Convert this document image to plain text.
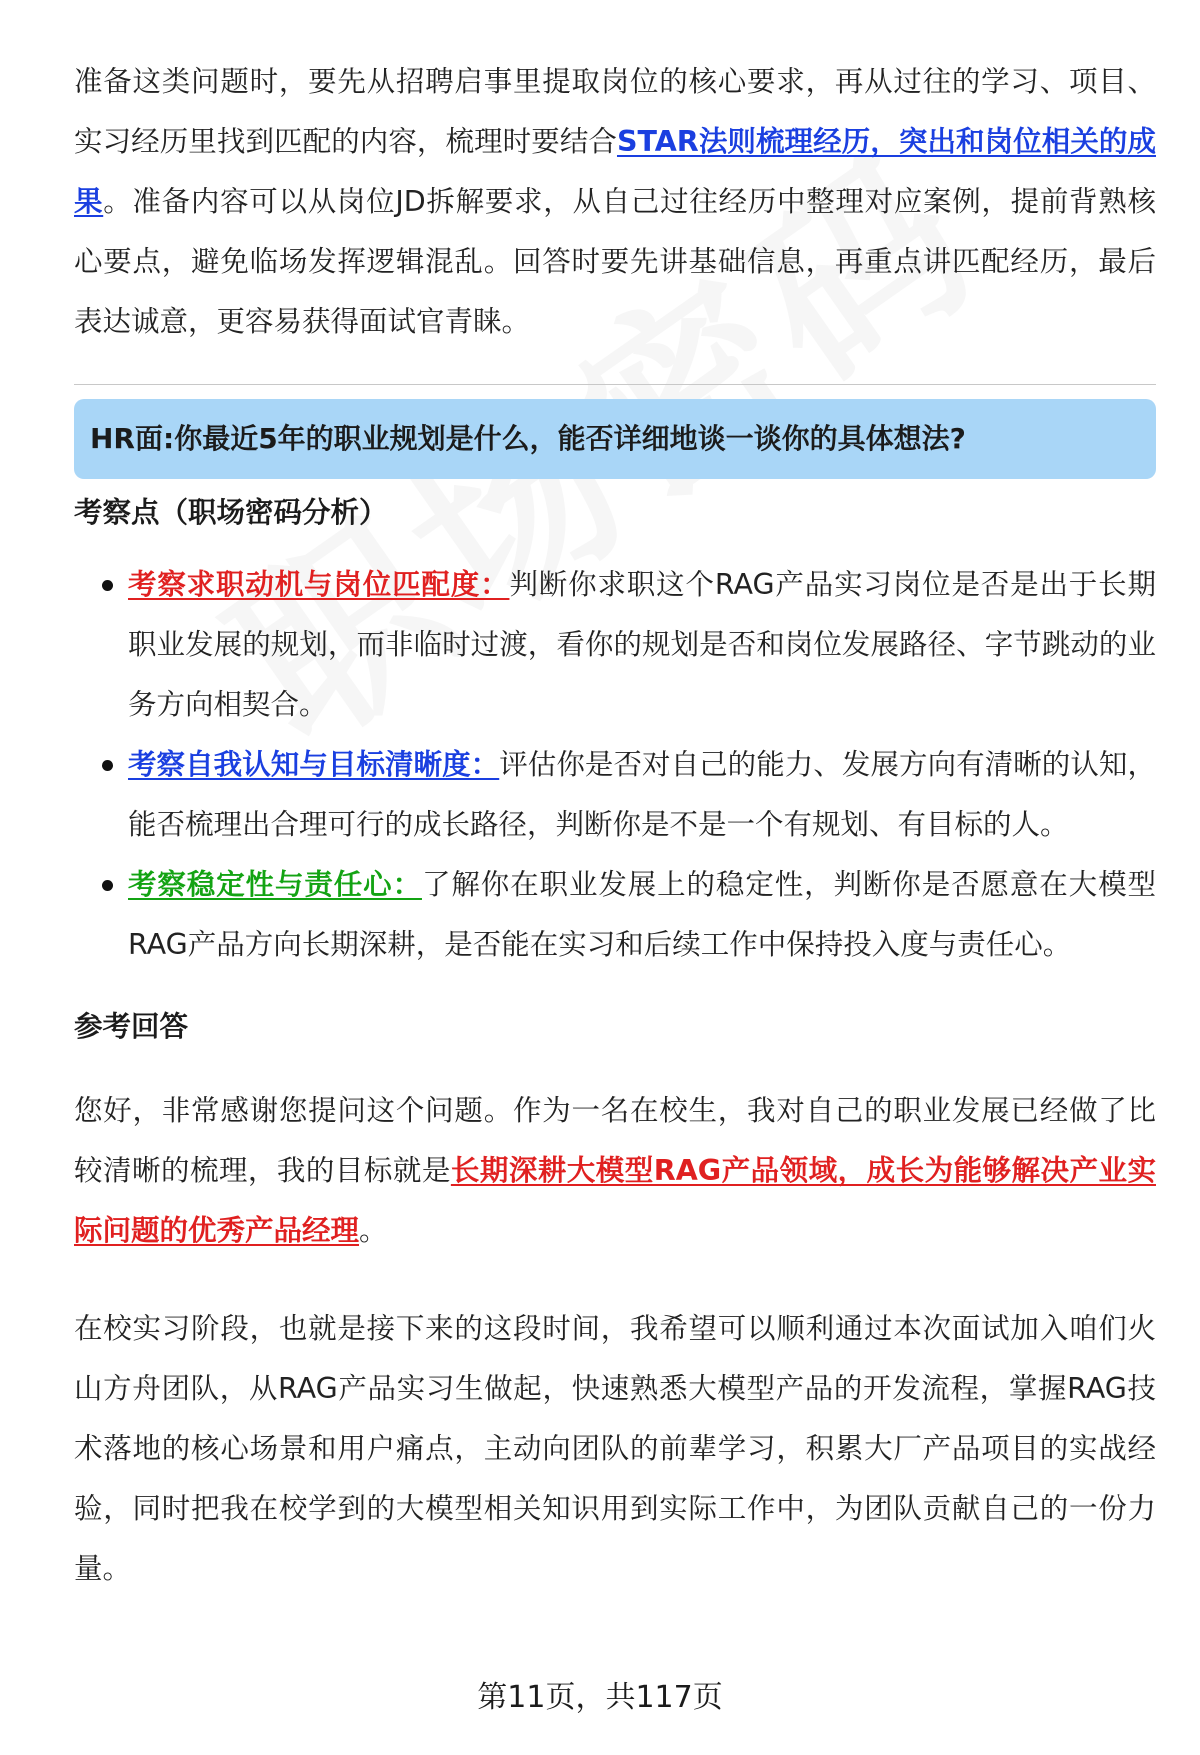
准备这类问题时，要先从招聘启事里提取岗位的核心要求，再从过往的学习、项目、实习经历里找到匹配的内容，梳理时要结合STAR法则梳理经历，突出和岗位相关的成果。准备内容可以从岗位JD拆解要求，从自己过往经历中整理对应案例，提前背熟核心要点，避免临场发挥逻辑混乱。回答时要先讲基础信息，再重点讲匹配经历，最后表达诚意，更容易获得面试官青睐。

HR面:你最近5年的职业规划是什么，能否详细地谈一谈你的具体想法?
考察点（职场密码分析）
考察求职动机与岗位匹配度：判断你求职这个RAG产品实习岗位是否是出于长期职业发展的规划，而非临时过渡，看你的规划是否和岗位发展路径、字节跳动的业务方向相契合。
考察自我认知与目标清晰度：评估你是否对自己的能力、发展方向有清晰的认知，能否梳理出合理可行的成长路径，判断你是不是一个有规划、有目标的人。
考察稳定性与责任心：了解你在职业发展上的稳定性，判断你是否愿意在大模型RAG产品方向长期深耕，是否能在实习和后续工作中保持投入度与责任心。
参考回答

您好，非常感谢您提问这个问题。作为一名在校生，我对自己的职业发展已经做了比较清晰的梳理，我的目标就是长期深耕大模型RAG产品领域，成长为能够解决产业实际问题的优秀产品经理。

在校实习阶段，也就是接下来的这段时间，我希望可以顺利通过本次面试加入咱们火山方舟团队，从RAG产品实习生做起，快速熟悉大模型产品的开发流程，掌握RAG技术落地的核心场景和用户痛点，主动向团队的前辈学习，积累大厂产品项目的实战经验，同时把我在校学到的大模型相关知识用到实际工作中，为团队贡献自己的一份力量。

第11页，共117页
